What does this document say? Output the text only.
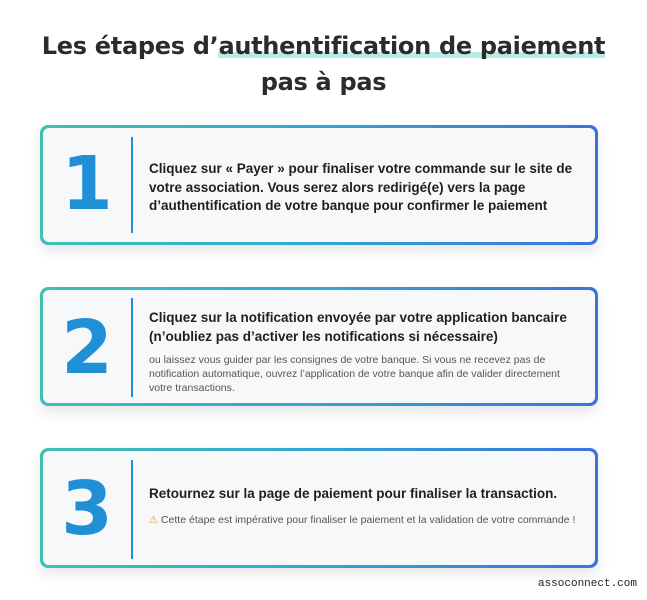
Les étapes d’authentification de paiement
pas à pas
1	Cliquez sur « Payer » pour finaliser votre commande sur le site de votre association. Vous serez alors redirigé(e) vers la page d’authentification de votre banque pour confirmer le paiement
2	Cliquez sur la notification envoyée par votre application bancaire (n’oubliez pas d’activer les notifications si nécessaire)
ou laissez vous guider par les consignes de votre banque. Si vous ne recevez pas de notification automatique, ouvrez l’application de votre banque afin de valider directement votre transactions.
3	Retournez sur la page de paiement pour finaliser la transaction.
⚠ Cette étape est impérative pour finaliser le paiement et la validation de votre commande !
assoconnect.com
